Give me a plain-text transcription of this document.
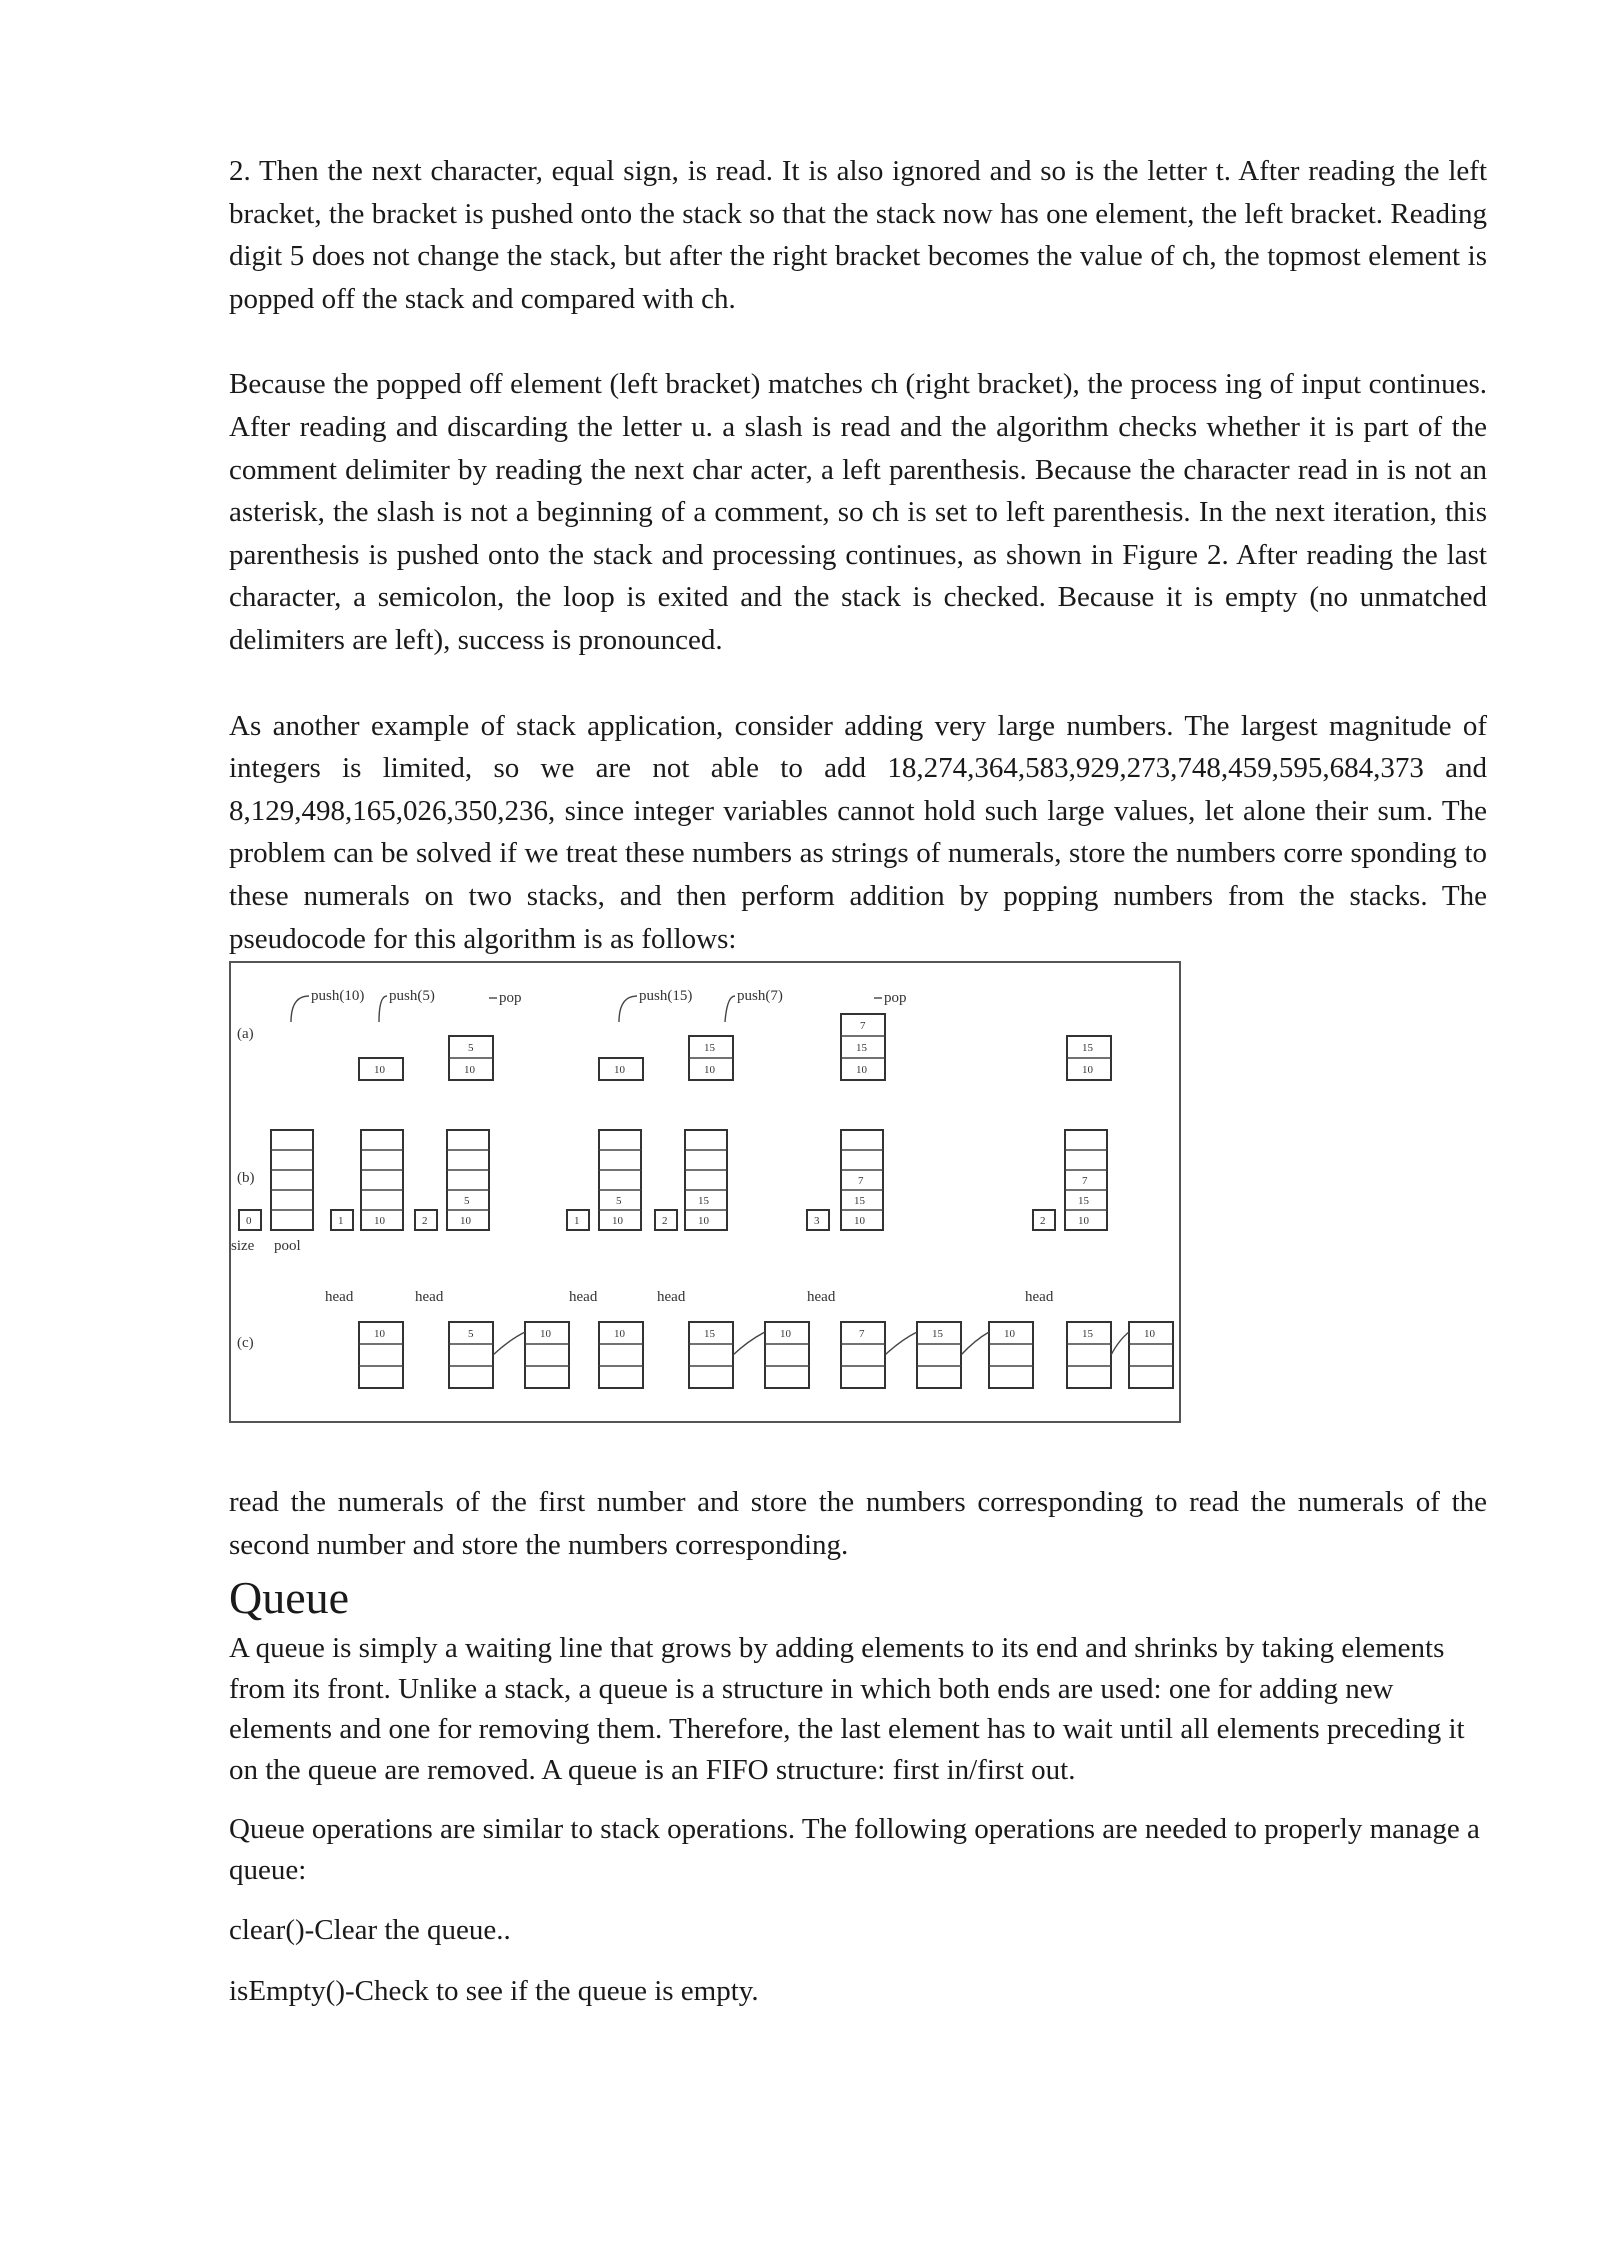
2. Then the next character, equal sign, is read. It is also ignored and so is the letter t. After reading the left bracket, the bracket is pushed onto the stack so that the stack now has one element, the left bracket. Reading digit 5 does not change the stack, but after the right bracket becomes the value of ch, the topmost element is popped off the stack and compared with ch.

Because the popped off element (left bracket) matches ch (right bracket), the process ing of input continues. After reading and discarding the letter u. a slash is read and the algorithm checks whether it is part of the comment delimiter by reading the next char acter, a left parenthesis. Because the character read in is not an asterisk, the slash is not a beginning of a comment, so ch is set to left parenthesis. In the next iteration, this parenthesis is pushed onto the stack and processing continues, as shown in Figure 2. After reading the last character, a semicolon, the loop is exited and the stack is checked. Because it is empty (no unmatched delimiters are left), success is pronounced.

As another example of stack application, consider adding very large numbers. The largest magnitude of integers is limited, so we are not able to add 18,274,364,583,929,273,748,459,595,684,373 and 8,129,498,165,026,350,236, since integer variables cannot hold such large values, let alone their sum. The problem can be solved if we treat these numbers as strings of numerals, store the numbers corre sponding to these numerals on two stacks, and then perform addition by popping numbers from the stacks. The pseudocode for this algorithm is as follows:

(a)
(b)
(c)
push(10) push(5)	pop	push(15)	push(7)	pop
10
5
10	10
15
10
7
15
10
15
10
0
size pool
1	10	2
5
10	1
5
10	2
15
10	3
7
15
10	2
7
15
10
head	head	head	head	head	head
10	5	10	10	15	10	7	15	10	15	10

read the numerals of the first number and store the numbers corresponding to read the numerals of the second number and store the numbers corresponding.

Queue

A queue is simply a waiting line that grows by adding elements to its end and shrinks by taking elements from its front. Unlike a stack, a queue is a structure in which both ends are used: one for adding new elements and one for removing them. Therefore, the last element has to wait until all elements preceding it on the queue are removed. A queue is an FIFO structure: first in/first out.

Queue operations are similar to stack operations. The following operations are needed to properly manage a queue:

clear()-Clear the queue..

isEmpty()-Check to see if the queue is empty.
